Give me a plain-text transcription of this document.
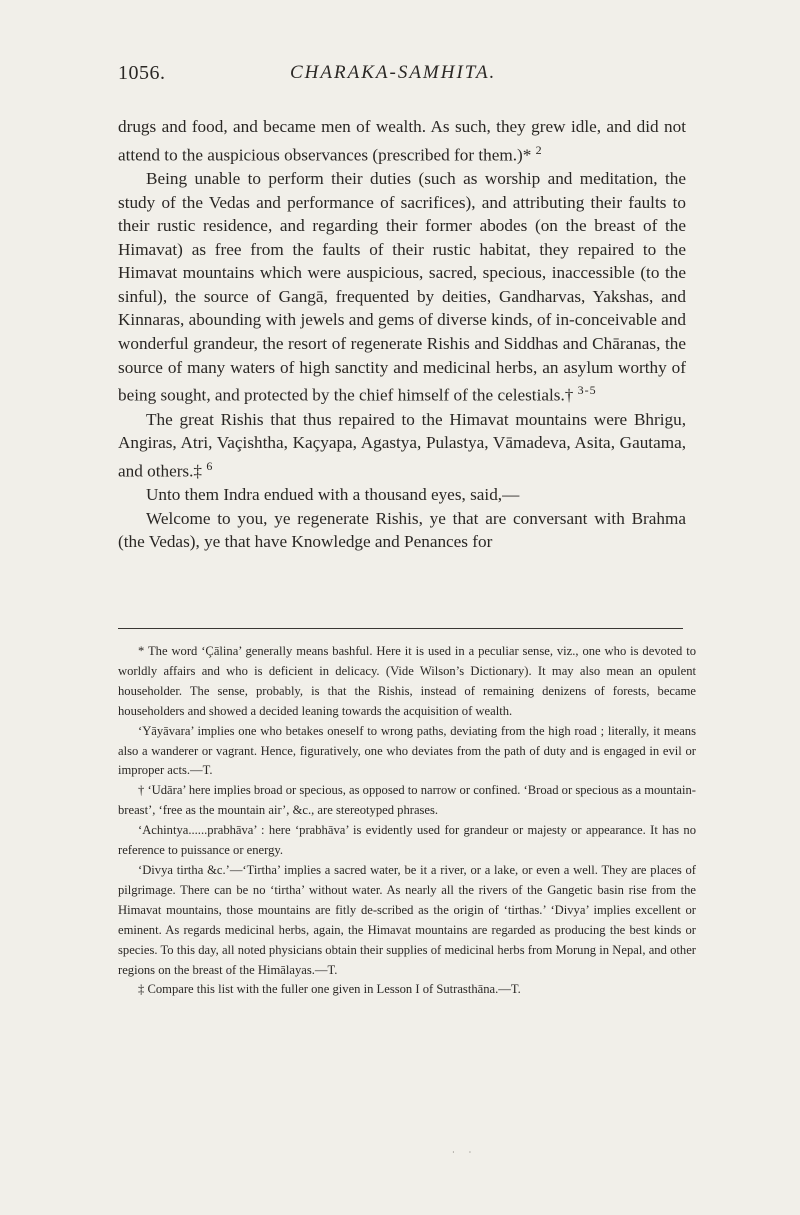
1056.	CHARAKA-SAMHITA.

drugs and food, and became men of wealth. As such, they grew idle, and did not attend to the auspicious observances (prescribed for them.)* $^2$

Being unable to perform their duties (such as worship and meditation, the study of the Vedas and performance of sacrifices), and attributing their faults to their rustic residence, and regarding their former abodes (on the breast of the Himavat) as free from the faults of their rustic habitat, they repaired to the Himavat mountains which were auspicious, sacred, specious, inaccessible (to the sinful), the source of Gangā, frequented by deities, Gandharvas, Yakshas, and Kinnaras, abounding with jewels and gems of diverse kinds, of in-conceivable and wonderful grandeur, the resort of regenerate Rishis and Siddhas and Chāranas, the source of many waters of high sanctity and medicinal herbs, an asylum worthy of being sought, and protected by the chief himself of the celestials.† $^{3-5}$

The great Rishis that thus repaired to the Himavat mountains were Bhrigu, Angiras, Atri, Vaçishtha, Kaçyapa, Agastya, Pulastya, Vāmadeva, Asita, Gautama, and others.‡ $^6$

Unto them Indra endued with a thousand eyes, said,—

Welcome to you, ye regenerate Rishis, ye that are conversant with Brahma (the Vedas), ye that have Knowledge and Penances for

* The word ‘Çālina’ generally means bashful. Here it is used in a peculiar sense, viz., one who is devoted to worldly affairs and who is deficient in delicacy. (Vide Wilson’s Dictionary). It may also mean an opulent householder. The sense, probably, is that the Rishis, instead of remaining denizens of forests, became householders and showed a decided leaning towards the acquisition of wealth.

‘Yāyāvara’ implies one who betakes oneself to wrong paths, deviating from the high road ; literally, it means also a wanderer or vagrant. Hence, figuratively, one who deviates from the path of duty and is engaged in evil or improper acts.—T.

† ‘Udāra’ here implies broad or specious, as opposed to narrow or confined. ‘Broad or specious as a mountain-breast’, ‘free as the mountain air’, &c., are stereotyped phrases.

‘Achintya......prabhāva’ : here ‘prabhāva’ is evidently used for grandeur or majesty or appearance. It has no reference to puissance or energy.

‘Divya tirtha &c.’—‘Tirtha’ implies a sacred water, be it a river, or a lake, or even a well. They are places of pilgrimage. There can be no ‘tirtha’ without water. As nearly all the rivers of the Gangetic basin rise from the Himavat mountains, those mountains are fitly de-scribed as the origin of ‘tirthas.’ ‘Divya’ implies excellent or eminent. As regards medicinal herbs, again, the Himavat mountains are regarded as producing the best kinds or species. To this day, all noted physicians obtain their supplies of medicinal herbs from Morung in Nepal, and other regions on the breast of the Himālayas.—T.

‡ Compare this list with the fuller one given in Lesson I of Sutrasthāna.—T.

· ·
